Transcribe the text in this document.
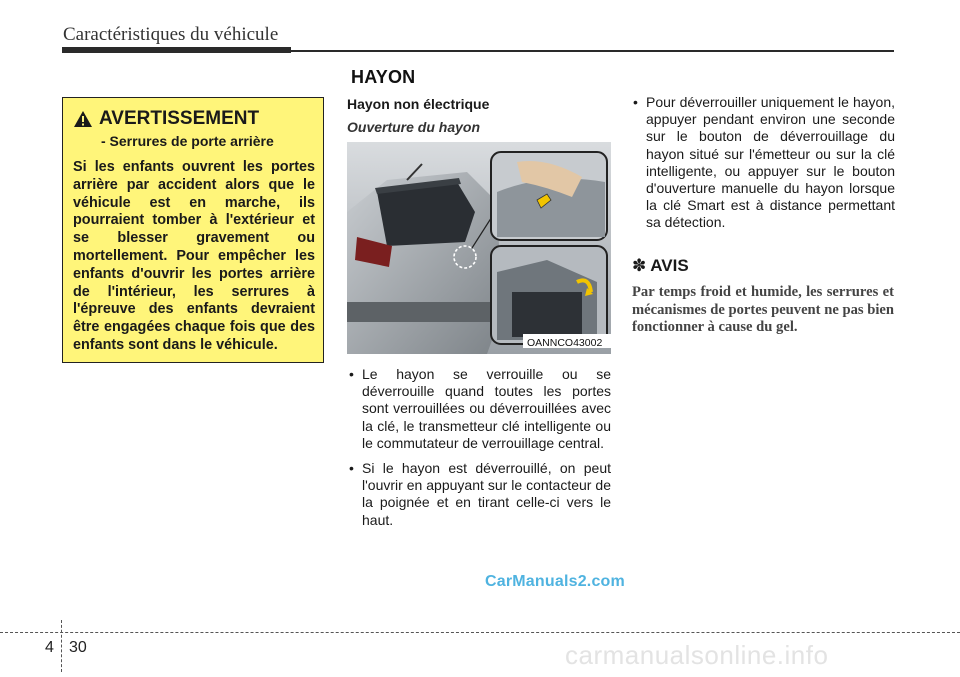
Caractéristiques du véhicule
HAYON
AVERTISSEMENT
- Serrures de porte arrière

Si les enfants ouvrent les portes arrière par accident alors que le véhicule est en marche, ils pourraient tomber à l'extérieur et se blesser gravement ou mortellement. Pour empêcher les enfants d'ouvrir les portes arrière de l'intérieur, les serrures à l'épreuve des enfants devraient être engagées chaque fois que des enfants sont dans le véhicule.

Hayon non électrique
Ouverture du hayon
OANNCO43002
• Le hayon se verrouille ou se déverrouille quand toutes les portes sont verrouillées ou déverrouillées avec la clé, le transmetteur clé intelligente ou le commutateur de verrouillage central.
• Si le hayon est déverrouillé, on peut l'ouvrir en appuyant sur le contacteur de la poignée et en tirant celle-ci vers le haut.
• Pour déverrouiller uniquement le hayon, appuyer pendant environ une seconde sur le bouton de déverrouillage du hayon situé sur l'émetteur ou sur la clé intelligente, ou appuyer sur le bouton d'ouverture manuelle du hayon lorsque la clé Smart est à distance permettant sa détection.
✽ AVIS
Par temps froid et humide, les serrures et mécanismes de portes peuvent ne pas bien fonctionner à cause du gel.
CarManuals2.com
4 30	carmanualsonline.info
